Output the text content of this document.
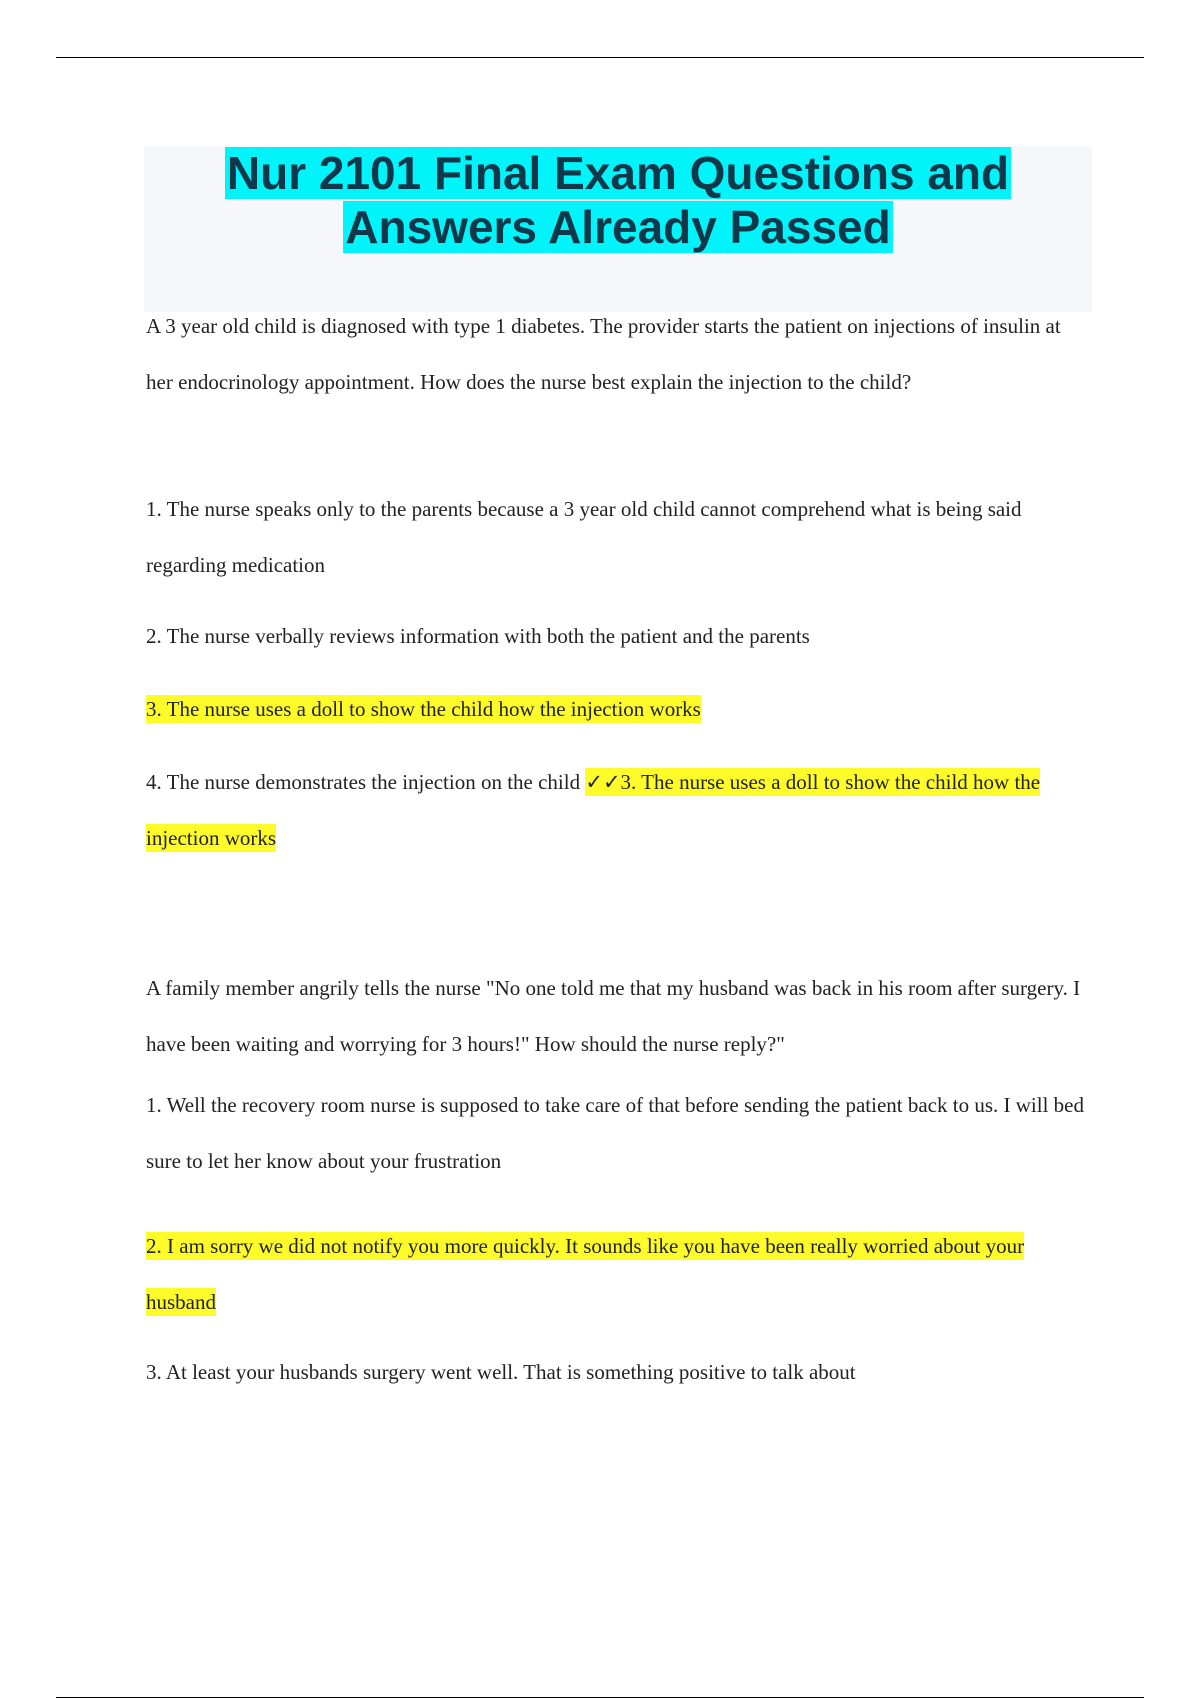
Nur 2101 Final Exam Questions and
Answers Already Passed

A 3 year old child is diagnosed with type 1 diabetes. The provider starts the patient on injections of insulin at her endocrinology appointment. How does the nurse best explain the injection to the child?

1. The nurse speaks only to the parents because a 3 year old child cannot comprehend what is being said regarding medication

2. The nurse verbally reviews information with both the patient and the parents

3. The nurse uses a doll to show the child how the injection works

4. The nurse demonstrates the injection on the child ✓✓3. The nurse uses a doll to show the child how the injection works

A family member angrily tells the nurse "No one told me that my husband was back in his room after surgery. I have been waiting and worrying for 3 hours!" How should the nurse reply?"

1. Well the recovery room nurse is supposed to take care of that before sending the patient back to us. I will bed sure to let her know about your frustration

2. I am sorry we did not notify you more quickly. It sounds like you have been really worried about your husband

3. At least your husbands surgery went well. That is something positive to talk about
